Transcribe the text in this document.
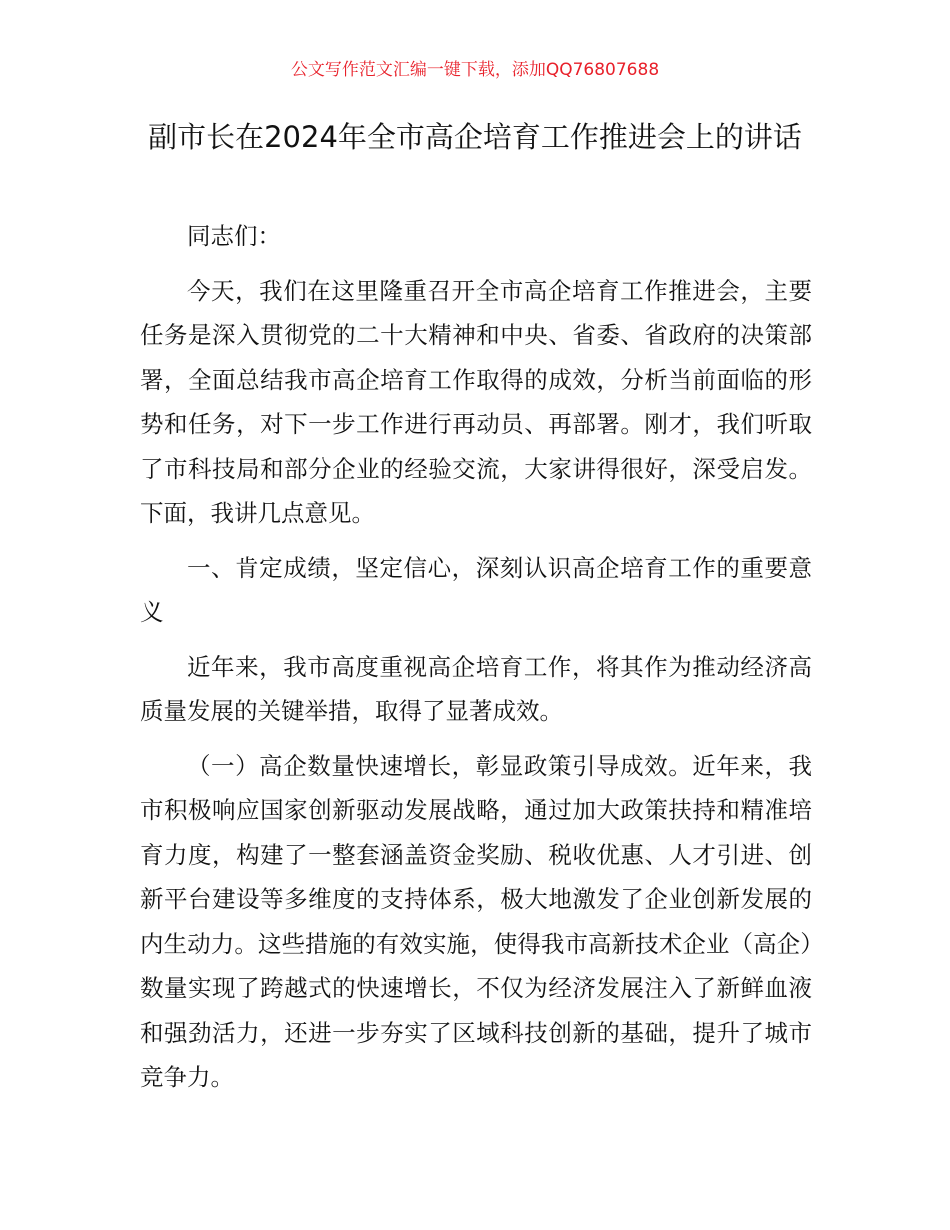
公文写作范文汇编一键下载，添加QQ76807688
副市长在2024年全市高企培育工作推进会上的讲话

同志们：

今天，我们在这里隆重召开全市高企培育工作推进会，主要任务是深入贯彻党的二十大精神和中央、省委、省政府的决策部署，全面总结我市高企培育工作取得的成效，分析当前面临的形势和任务，对下一步工作进行再动员、再部署。刚才，我们听取了市科技局和部分企业的经验交流，大家讲得很好，深受启发。下面，我讲几点意见。

一、肯定成绩，坚定信心，深刻认识高企培育工作的重要意义

近年来，我市高度重视高企培育工作，将其作为推动经济高质量发展的关键举措，取得了显著成效。

（一）高企数量快速增长，彰显政策引导成效。近年来，我市积极响应国家创新驱动发展战略，通过加大政策扶持和精准培育力度，构建了一整套涵盖资金奖励、税收优惠、人才引进、创新平台建设等多维度的支持体系，极大地激发了企业创新发展的内生动力。这些措施的有效实施，使得我市高新技术企业（高企）数量实现了跨越式的快速增长，不仅为经济发展注入了新鲜血液和强劲活力，还进一步夯实了区域科技创新的基础，提升了城市竞争力。
